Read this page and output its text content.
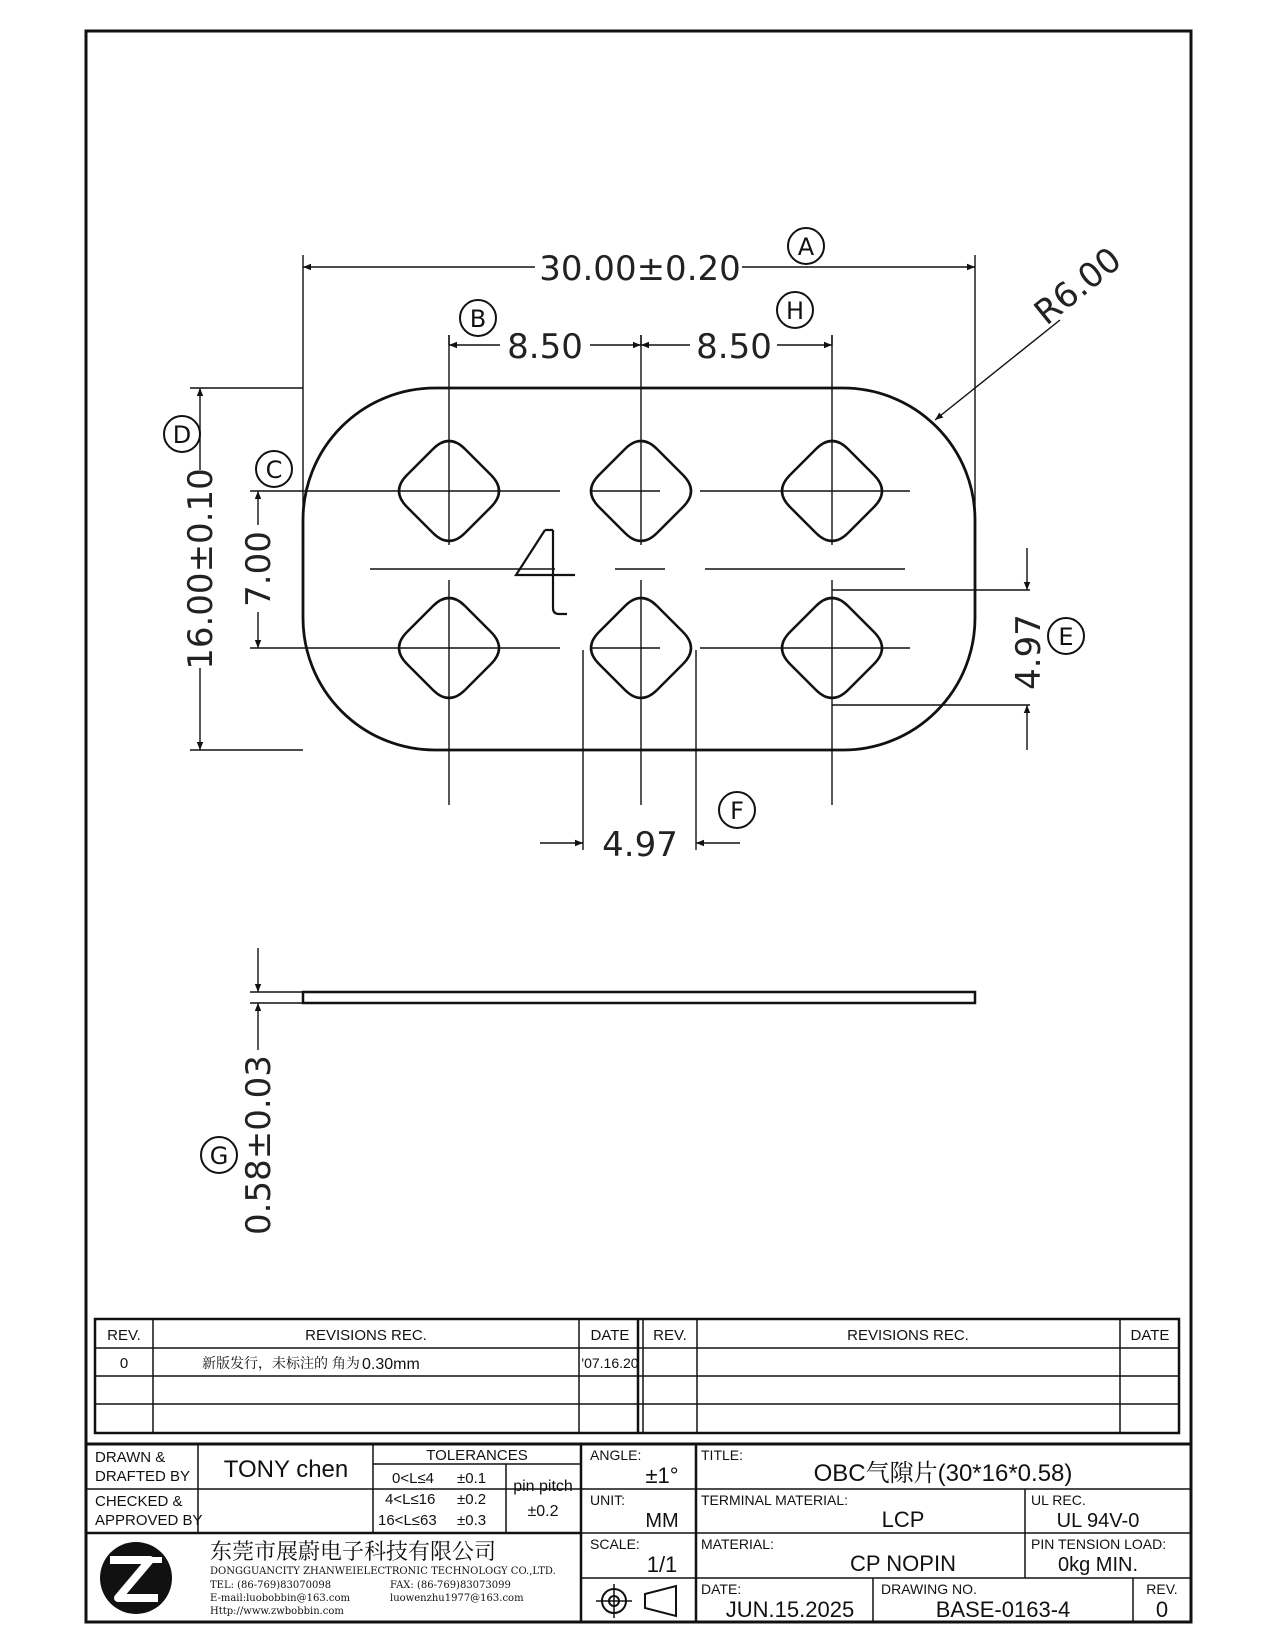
30.00±0.20
8.50	8.50
16.00±0.10 7.00
4.97
4.97
R6.00
0.58±0.03
A
B
C
D
E
F
G
H
REV.	REVISIONS REC.	DATE REV.	REVISIONS REC.	DATE
0	新版发行，未标注的 角为 0.30mm	'07.16.20
DRAWN &
DRAFTED BY TONY chen
CHECKED &
APPROVED BY
TOLERANCES
0<L≤4 ±0.1
4<L≤16 ±0.2
16<L≤63 ±0.3
pin pitch
±0.2
ANGLE:
±1°
UNIT:
MM
SCALE:
1/1
TITLE:
OBC气隙片(30*16*0.58)
TERMINAL MATERIAL:
LCP
UL REC.
UL 94V-0
MATERIAL:
CP NOPIN
PIN TENSION LOAD:
0kg MIN.
DATE:
JUN.15.2025
DRAWING NO.
BASE-0163-4
REV.
0
东莞市展蔚电子科技有限公司
DONGGUANCITY ZHANWEIELECTRONIC TECHNOLOGY CO.,LTD.
TEL: (86-769)83070098	FAX: (86-769)83073099
E-mail:luobobbin@163.com	luowenzhu1977@163.com
Http://www.zwbobbin.com
